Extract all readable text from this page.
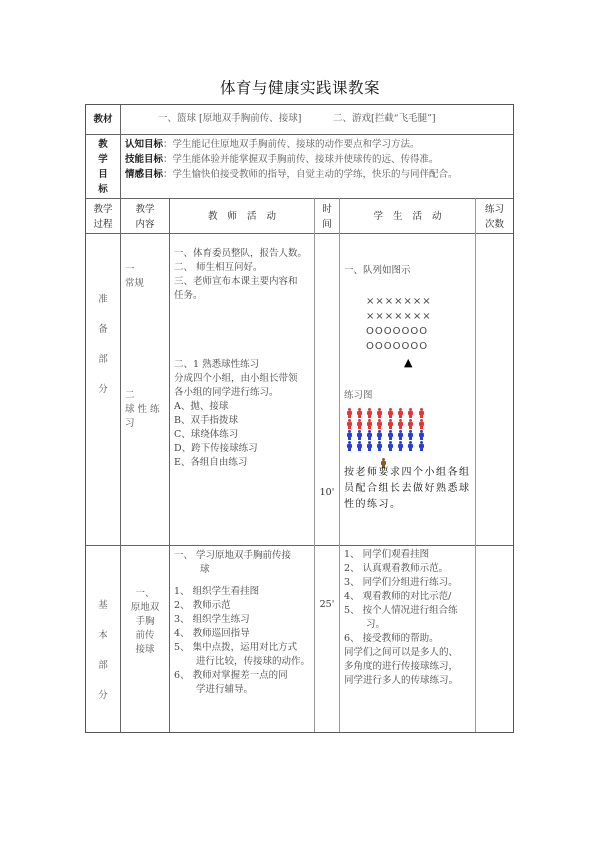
体育与健康实践课教案
教材	一、篮球 [原地双手胸前传、接球]	二、游戏[拦截“飞毛腿”]
教
学
目
标
认知目标：学生能记住原地双手胸前传、接球的动作要点和学习方法。
技能目标：学生能体验并能掌握双手胸前传、接球并使球传的远、传得准。
情感目标：学生愉快伯接受教师的指导，自觉主动的学练，快乐的与同伴配合。
教学
过程
教学
内容
教师活动
时
间
学生活动
练习
次数
准
备
部
分
一
常规
二
球 性 练
习
一、体育委员整队，报告人数。
二、 师生相互问好。
三、老师宣布本课主要内容和
任务。
二、1 熟悉球性练习
分成四个小组，由小组长带领
各小组的同学进行练习。
A、抛、接球
B、双手指拨球
C、球绕体练习
D、跨下传接球练习
E、各组自由练习
10'
一、队列如图示
×××××××
×××××××
OOOOOOO
OOOOOOO
▲
练习图
按老师要求四个小组各组
员配合组长去做好熟悉球
性的练习。
基
本
部
分
一、
原地双
手胸
前传
接球
一、 学习原地双手胸前传接
球
1、 组织学生看挂图
2、 教师示范
3、 组织学生练习
4、 教师巡回指导
5、 集中点拨，运用对比方式
进行比较，传接球的动作。
6、 教师对掌握差一点的同
学进行辅导。
25'
1、 同学们观看挂图
2、 认真观看教师示范。
3、 同学们分组进行练习。
4、 观看教师的对比示范/
5、 按个人情况进行组合练
习。
6、 接受教师的帮助。
同学们之间可以是多人的、
多角度的进行传接球练习，
同学进行多人的传球练习。
